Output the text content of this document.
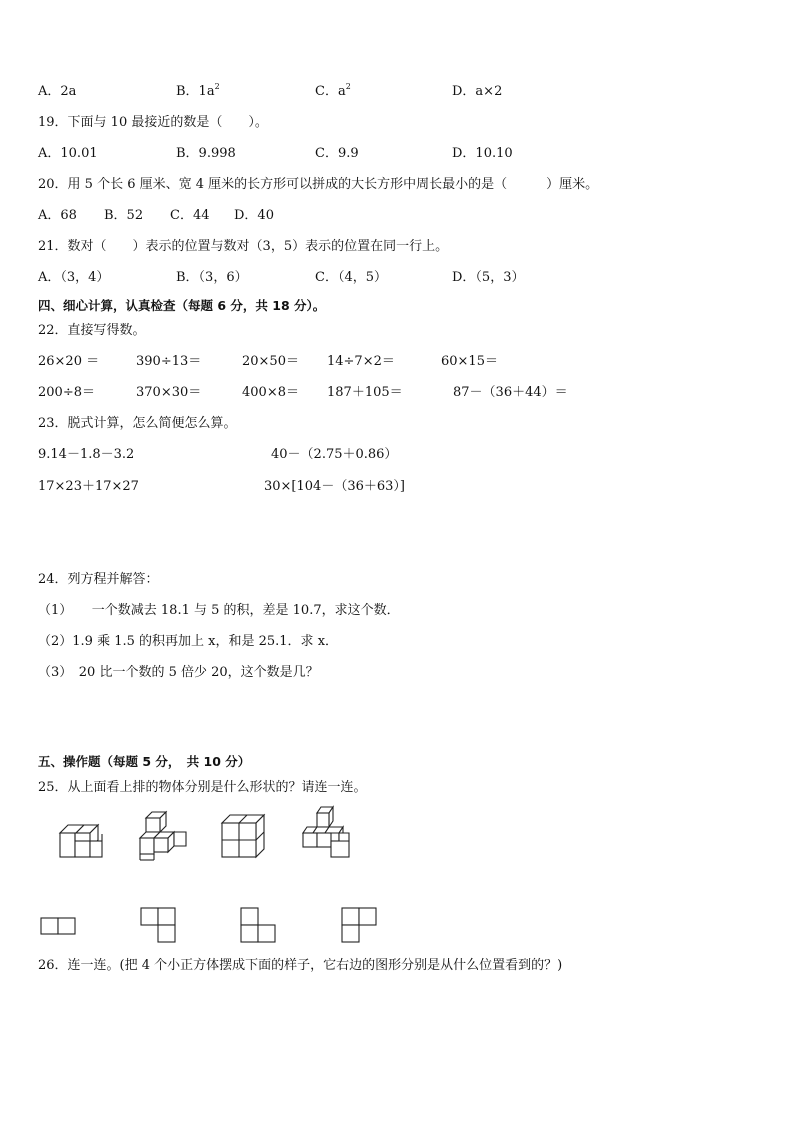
A．2a	B．$1a^2$	C．$a^2$	D．a×2
19．下面与 10 最接近的数是（　　）。
A．10.01	B．9.998	C．9.9	D．10.10
20．用 5 个长 6 厘米、宽 4 厘米的长方形可以拼成的大长方形中周长最小的是（　　　）厘米。
A．68 B．52 C．44 D．40
21．数对（　　）表示的位置与数对（3，5）表示的位置在同一行上。
A．（3，4）	B．（3，6）	C．（4，5）	D．（5，3）
四、细心计算，认真检查（每题 6 分，共 18 分）。
22．直接写得数。
26×20 ＝	390÷13＝	20×50＝ 14÷7×2＝	60×15＝
200÷8＝	370×30＝	400×8＝ 187＋105＝	87－（36＋44）＝
23．脱式计算，怎么简便怎么算。
9.14－1.8－3.2	40－（2.75＋0.86）
17×23＋17×27	30×[104－（36＋63）]
24．列方程并解答：
（1）　　一个数减去 18.1 与 5 的积，差是 10.7，求这个数．
（2）1.9 乘 1.5 的积再加上 x，和是 25.1．求 x．
（3）　20 比一个数的 5 倍少 20，这个数是几？
五、操作题（每题 5 分，　共 10 分）
25．从上面看上排的物体分别是什么形状的？请连一连。
26．连一连。(把 4 个小正方体摆成下面的样子，它右边的图形分别是从什么位置看到的？)
